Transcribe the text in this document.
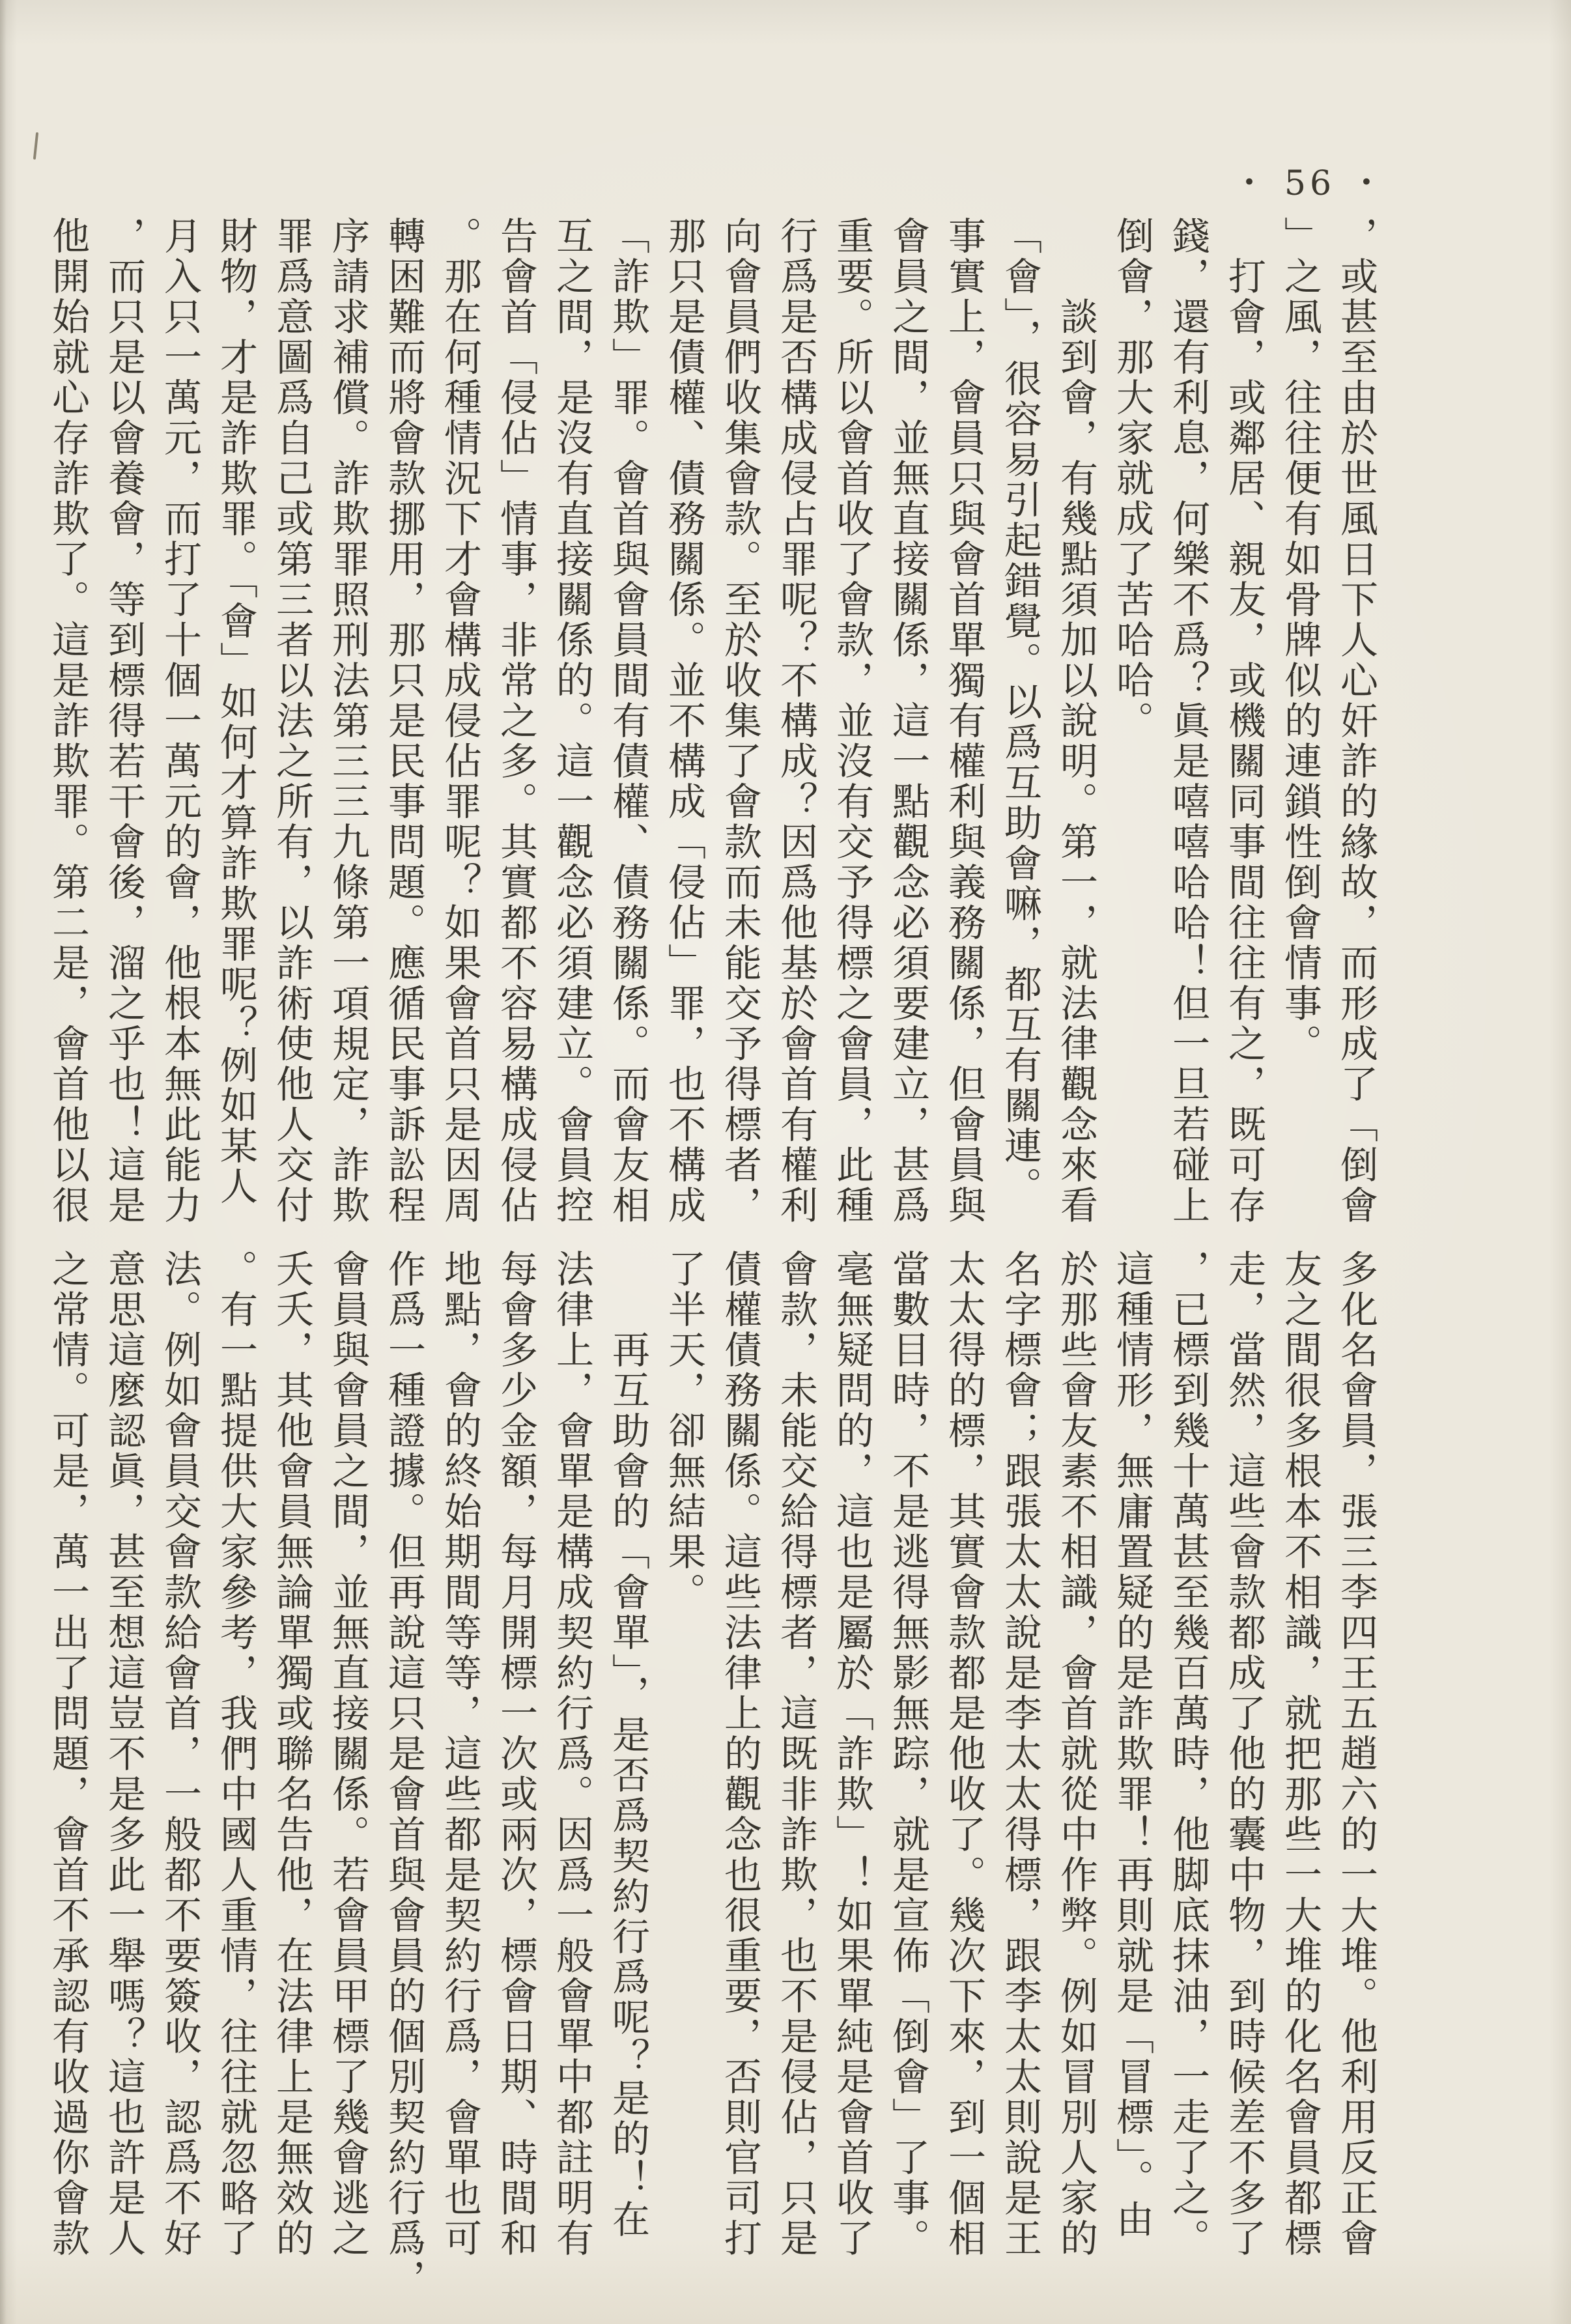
• 56 •

，或甚至由於世風日下人心奸詐的緣故，而形成了「倒會

」之風，往往便有如骨牌似的連鎖性倒會情事。

　打會，或鄰居、親友，或機關同事間往往有之，既可存

錢，還有利息，何樂不爲？眞是嘻嘻哈哈！但一旦若碰上

倒會，那大家就成了苦哈哈。

　　談到會，有幾點須加以說明。第一，就法律觀念來看

「會」，很容易引起錯覺。以爲互助會嘛，都互有關連。

事實上，會員只與會首單獨有權利與義務關係，但會員與

會員之間，並無直接關係，這一點觀念必須要建立，甚爲

重要。所以會首收了會款，並沒有交予得標之會員，此種

行爲是否構成侵占罪呢？不構成？因爲他基於會首有權利

向會員們收集會款。至於收集了會款而未能交予得標者，

那只是債權、債務關係。並不構成「侵佔」罪，也不構成

「詐欺」罪。會首與會員間有債權、債務關係。而會友相

互之間，是沒有直接關係的。這一觀念必須建立。會員控

告會首「侵佔」情事，非常之多。其實都不容易構成侵佔

。那在何種情況下才會構成侵佔罪呢？如果會首只是因周

轉困難而將會款挪用，那只是民事問題。應循民事訴訟程

序請求補償。詐欺罪照刑法第三三九條第一項規定，詐欺

罪爲意圖爲自己或第三者以法之所有，以詐術使他人交付

財物，才是詐欺罪。「會」如何才算詐欺罪呢？例如某人

月入只一萬元，而打了十個一萬元的會，他根本無此能力

，而只是以會養會，等到標得若干會後，溜之乎也！這是

他開始就心存詐欺了。這是詐欺罪。第二是，會首他以很

多化名會員，張三李四王五趙六的一大堆。他利用反正會

友之間很多根本不相識，就把那些一大堆的化名會員都標

走，當然，這些會款都成了他的囊中物，到時候差不多了

，已標到幾十萬甚至幾百萬時，他脚底抹油，一走了之。

這種情形，無庸置疑的是詐欺罪！再則就是「冒標」。由

於那些會友素不相識，會首就從中作弊。例如冒別人家的

名字標會；跟張太太說是李太太得標，跟李太太則說是王

太太得的標，其實會款都是他收了。幾次下來，到一個相

當數目時，不是逃得無影無踪，就是宣佈「倒會」了事。

毫無疑問的，這也是屬於「詐欺」！如果單純是會首收了

會款，未能交給得標者，這既非詐欺，也不是侵佔，只是

債權債務關係。這些法律上的觀念也很重要，否則官司打

了半天，卻無結果。

　　再互助會的「會單」，是否爲契約行爲呢？是的！在

法律上，會單是構成契約行爲。因爲一般會單中都註明有

每會多少金額，每月開標一次或兩次，標會日期、時間和

地點，會的終始期間等等，這些都是契約行爲，會單也可

作爲一種證據。但再說這只是會首與會員的個別契約行爲，

會員與會員之間，並無直接關係。若會員甲標了幾會逃之

夭夭，其他會員無論單獨或聯名告他，在法律上是無效的

。有一點提供大家參考，我們中國人重情，往往就忽略了

法。例如會員交會款給會首，一般都不要簽收，認爲不好

意思這麼認眞，甚至想這豈不是多此一舉嗎？這也許是人

之常情。可是，萬一出了問題，會首不承認有收過你會款
